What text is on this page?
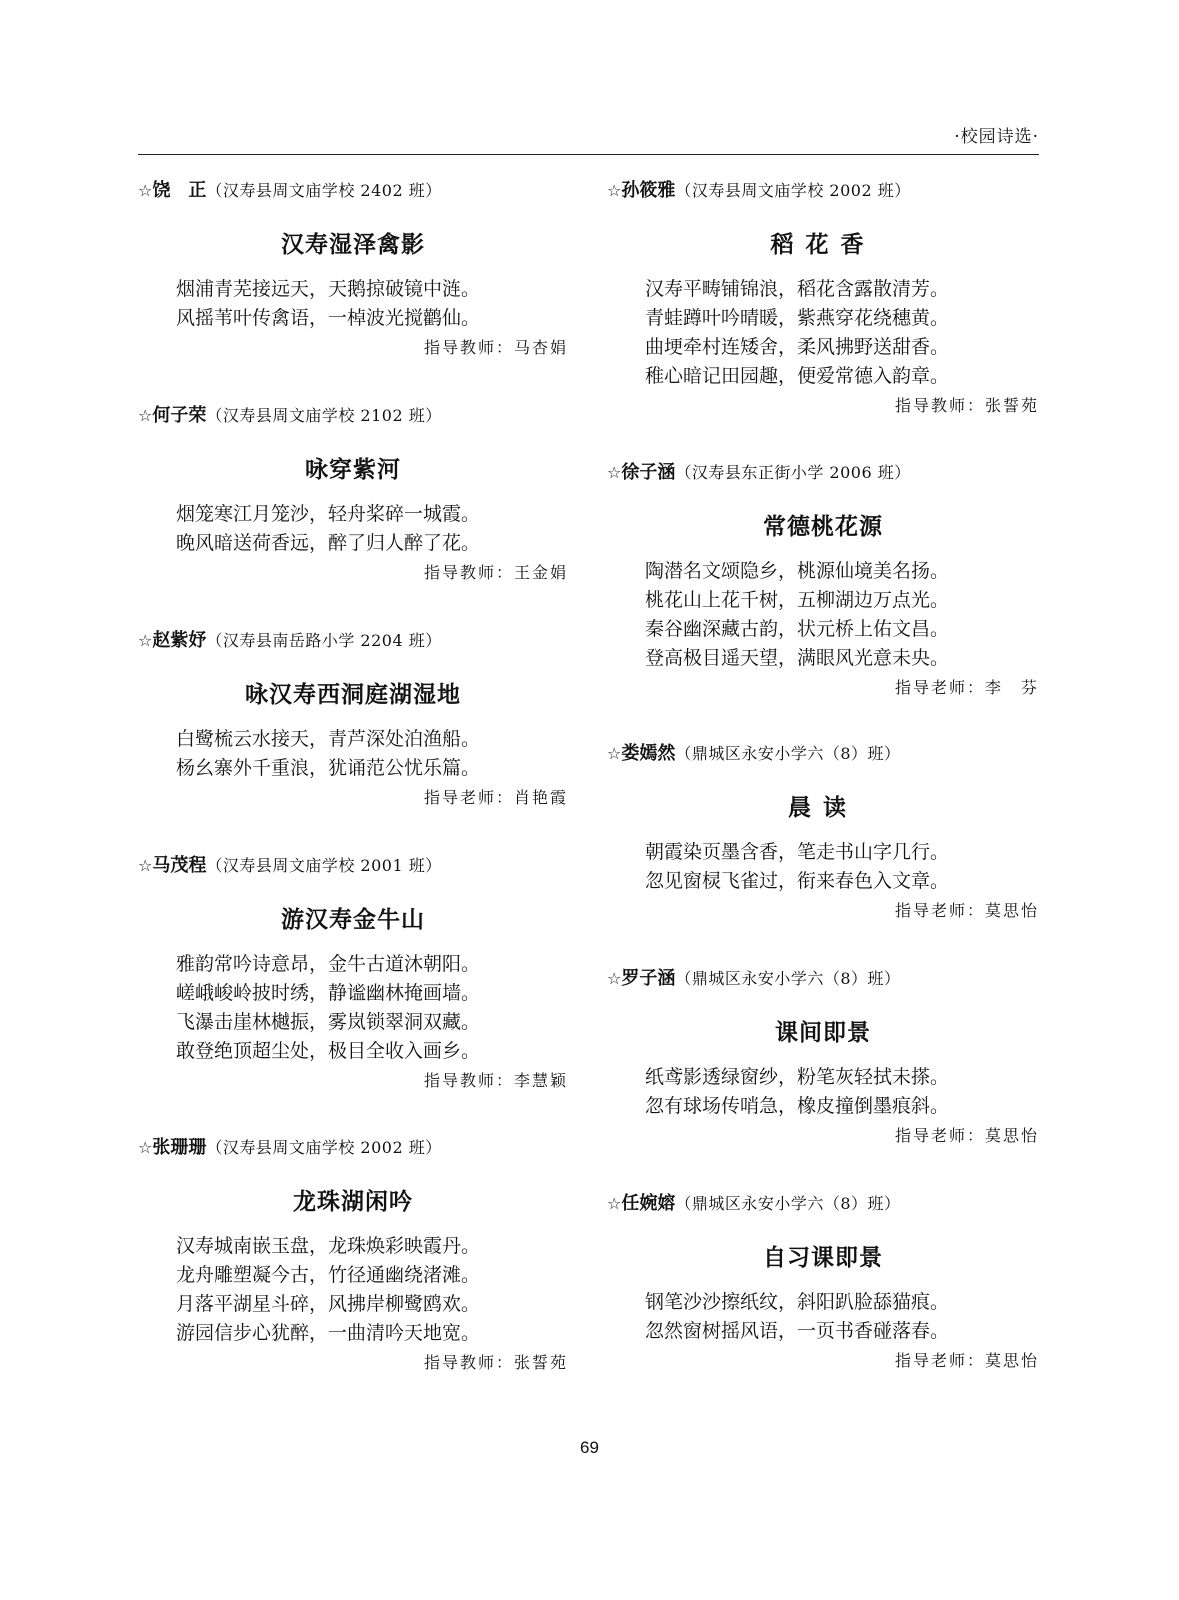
·校园诗选·
☆饶　正（汉寿县周文庙学校 2402 班）
汉寿湿泽禽影
烟浦青芜接远天，天鹅掠破镜中涟。
风摇苇叶传禽语，一棹波光搅鹳仙。
指导教师：马杏娟
☆何子荣（汉寿县周文庙学校 2102 班）
咏穿紫河
烟笼寒江月笼沙，轻舟桨碎一城霞。
晚风暗送荷香远，醉了归人醉了花。
指导教师：王金娟
☆赵紫妤（汉寿县南岳路小学 2204 班）
咏汉寿西洞庭湖湿地
白鹭梳云水接天，青芦深处泊渔船。
杨幺寨外千重浪，犹诵范公忧乐篇。
指导老师：肖艳霞
☆马茂程（汉寿县周文庙学校 2001 班）
游汉寿金牛山
雅韵常吟诗意昂，金牛古道沐朝阳。
嵯峨峻岭披时绣，静谧幽林掩画墙。
飞瀑击崖林樾振，雾岚锁翠洞双藏。
敢登绝顶超尘处，极目全收入画乡。
指导教师：李慧颖
☆张珊珊（汉寿县周文庙学校 2002 班）
龙珠湖闲吟
汉寿城南嵌玉盘，龙珠焕彩映霞丹。
龙舟雕塑凝今古，竹径通幽绕渚滩。
月落平湖星斗碎，风拂岸柳鹭鸥欢。
游园信步心犹醉，一曲清吟天地宽。
指导教师：张誓苑
☆孙筱雅（汉寿县周文庙学校 2002 班）
稻花香
汉寿平畴铺锦浪，稻花含露散清芳。
青蛙蹲叶吟晴暖，紫燕穿花绕穗黄。
曲埂牵村连矮舍，柔风拂野送甜香。
稚心暗记田园趣，便爱常德入韵章。
指导教师：张誓苑
☆徐子涵（汉寿县东正街小学 2006 班）
常德桃花源
陶潜名文颂隐乡，桃源仙境美名扬。
桃花山上花千树，五柳湖边万点光。
秦谷幽深藏古韵，状元桥上佑文昌。
登高极目遥天望，满眼风光意未央。
指导老师：李　芬
☆娄嫣然（鼎城区永安小学六（8）班）
晨读
朝霞染页墨含香，笔走书山字几行。
忽见窗棂飞雀过，衔来春色入文章。
指导老师：莫思怡
☆罗子涵（鼎城区永安小学六（8）班）
课间即景
纸鸢影透绿窗纱，粉笔灰轻拭未搽。
忽有球场传哨急，橡皮撞倒墨痕斜。
指导老师：莫思怡
☆任婉嫆（鼎城区永安小学六（8）班）
自习课即景
钢笔沙沙擦纸纹，斜阳趴脸舔猫痕。
忽然窗树摇风语，一页书香碰落春。
指导老师：莫思怡
69
